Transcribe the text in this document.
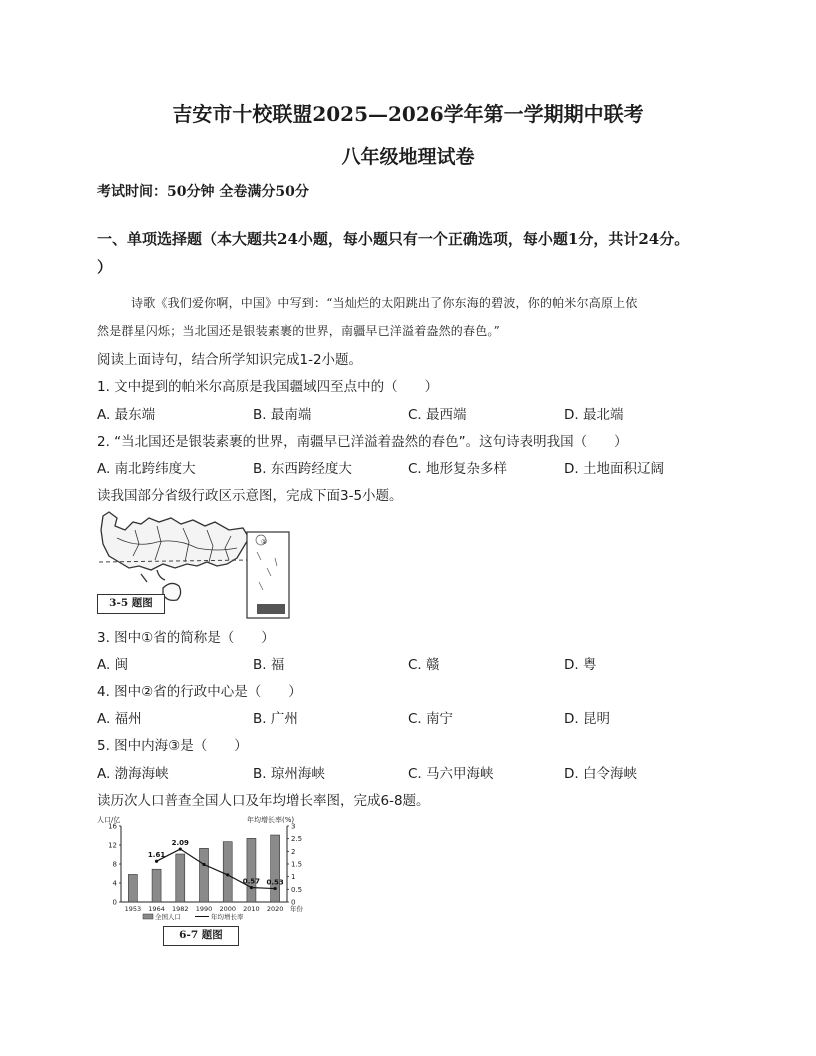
吉安市十校联盟2025—2026学年第一学期期中联考
八年级地理试卷
考试时间：50分钟 全卷满分50分
一、单项选择题（本大题共24小题，每小题只有一个正确选项，每小题1分，共计24分。
）
诗歌《我们爱你啊，中国》中写到：“当灿烂的太阳跳出了你东海的碧波，你的帕米尔高原上依
然是群星闪烁；当北国还是银装素裹的世界，南疆早已洋溢着盎然的春色。”
阅读上面诗句，结合所学知识完成1-2小题。
1. 文中提到的帕米尔高原是我国疆域四至点中的（　　）
A. 最东端	B. 最南端	C. 最西端	D. 最北端
2. “当北国还是银装素裹的世界，南疆早已洋溢着盎然的春色”。这句诗表明我国（　　）
A. 南北跨纬度大	B. 东西跨经度大	C. 地形复杂多样	D. 土地面积辽阔
读我国部分省级行政区示意图，完成下面3-5小题。
①
3-5 题图
3. 图中①省的简称是（　　）
A. 闽	B. 福	C. 赣	D. 粤
4. 图中②省的行政中心是（　　）
A. 福州	B. 广州	C. 南宁	D. 昆明
5. 图中内海③是（　　）
A. 渤海海峡	B. 琼州海峡	C. 马六甲海峡	D. 白令海峡
读历次人口普查全国人口及年均增长率图，完成6-8题。
人口/亿	年均增长率(%)
0
4
8
12
16
0
0.5
1
1.5
2
2.5
3
1953 1964 1982 1990 2000 2010 2020 年份
1.61
2.09
0.57 0.53
全国人口	年均增长率
6-7 题图
